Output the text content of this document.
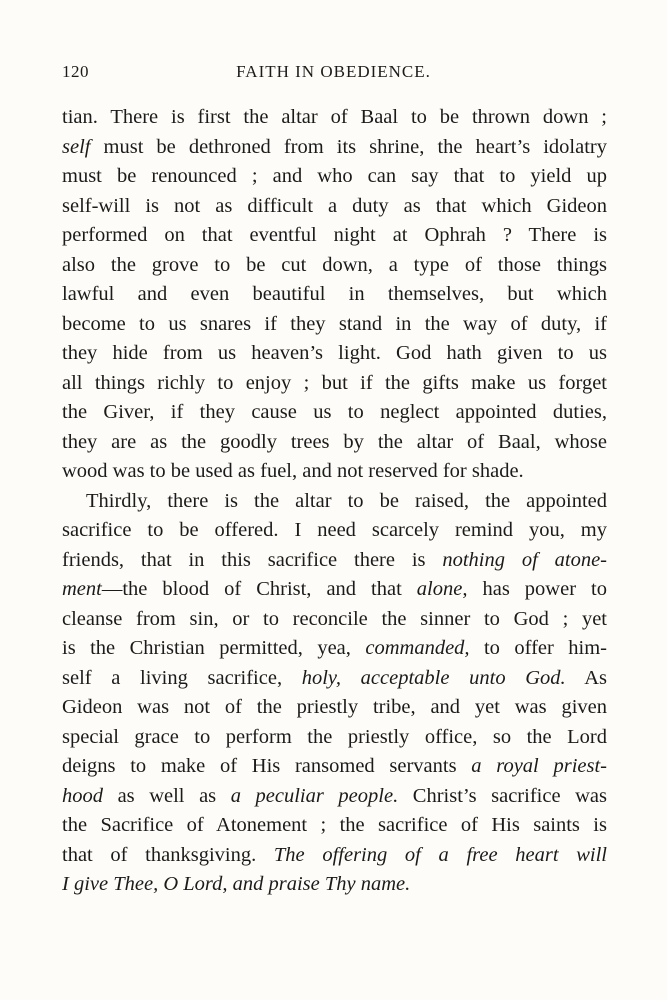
120	FAITH IN OBEDIENCE.
tian. There is first the altar of Baal to be thrown down ;
self must be dethroned from its shrine, the heart’s idolatry
must be renounced ; and who can say that to yield up
self-will is not as difficult a duty as that which Gideon
performed on that eventful night at Ophrah ? There is
also the grove to be cut down, a type of those things
lawful and even beautiful in themselves, but which
become to us snares if they stand in the way of duty, if
they hide from us heaven’s light. God hath given to us
all things richly to enjoy ; but if the gifts make us forget
the Giver, if they cause us to neglect appointed duties,
they are as the goodly trees by the altar of Baal, whose
wood was to be used as fuel, and not reserved for shade.
Thirdly, there is the altar to be raised, the appointed
sacrifice to be offered. I need scarcely remind you, my
friends, that in this sacrifice there is nothing of atone-
ment—the blood of Christ, and that alone, has power to
cleanse from sin, or to reconcile the sinner to God ; yet
is the Christian permitted, yea, commanded, to offer him-
self a living sacrifice, holy, acceptable unto God. As
Gideon was not of the priestly tribe, and yet was given
special grace to perform the priestly office, so the Lord
deigns to make of His ransomed servants a royal priest-
hood as well as a peculiar people. Christ’s sacrifice was
the Sacrifice of Atonement ; the sacrifice of His saints is
that of thanksgiving. The offering of a free heart will
I give Thee, O Lord, and praise Thy name.
